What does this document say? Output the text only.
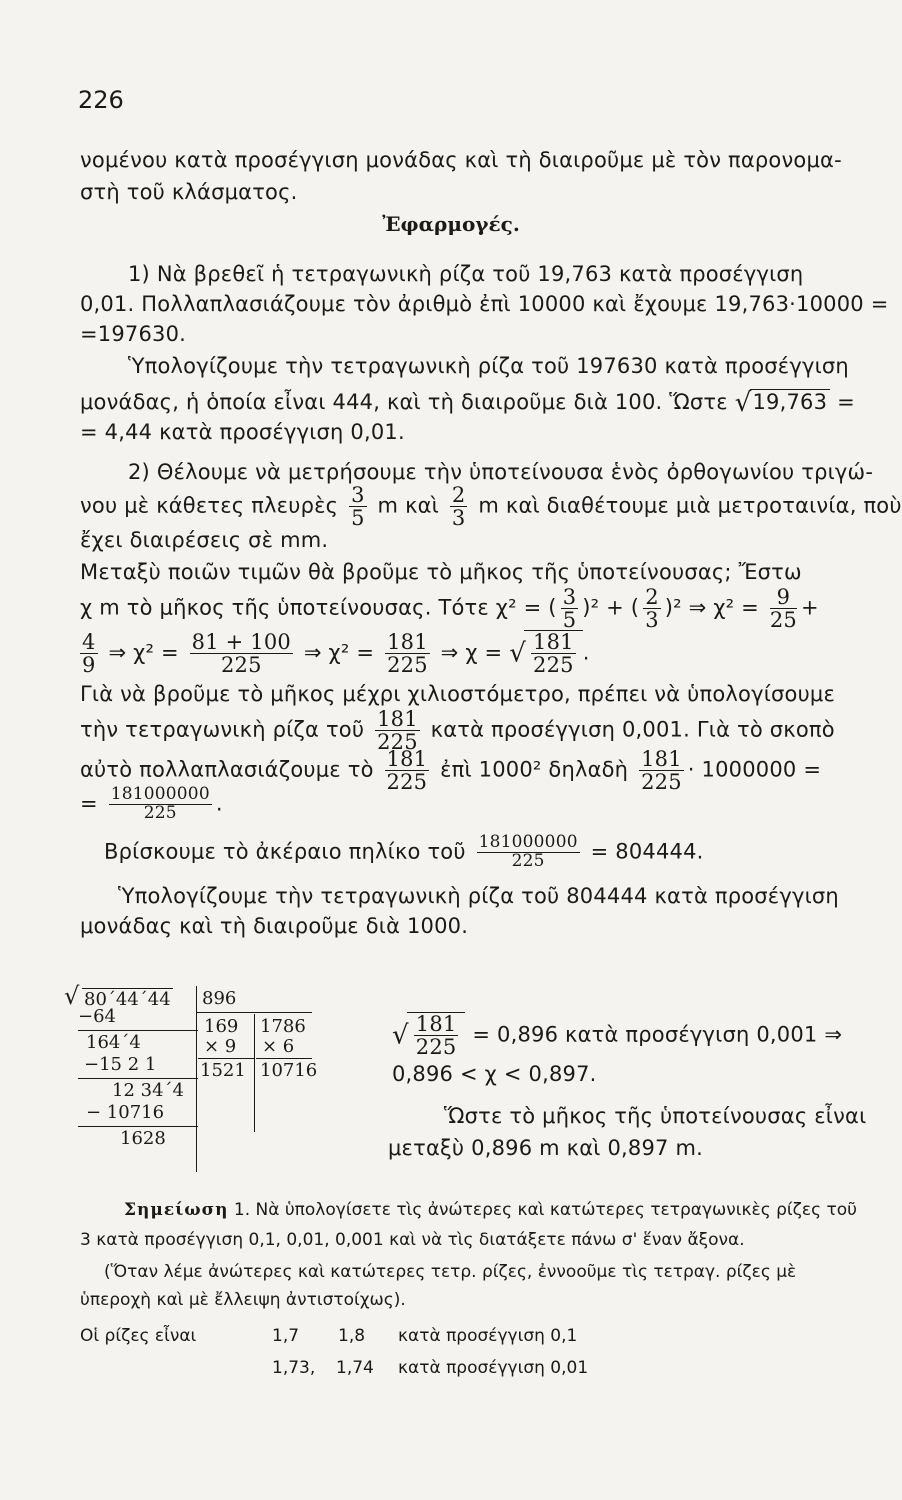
226
νομένου κατὰ προσέγγιση μονάδας καὶ τὴ διαιροῦμε μὲ τὸν παρονομα-
στὴ τοῦ κλάσματος.
Ἐφαρμογές.
1) Νὰ βρεθεῖ ἡ τετραγωνικὴ ρίζα τοῦ 19,763 κατὰ προσέγγιση
0,01. Πολλαπλασιάζουμε τὸν ἀριθμὸ ἐπὶ 10000 καὶ ἔχουμε 19,763·10000 =
=197630.
Ὑπολογίζουμε τὴν τετραγωνικὴ ρίζα τοῦ 197630 κατὰ προσέγγιση
μονάδας, ἡ ὁποία εἶναι 444, καὶ τὴ διαιροῦμε διὰ 100. Ὥστε √19,763 =
= 4,44 κατὰ προσέγγιση 0,01.
2) Θέλουμε νὰ μετρήσουμε τὴν ὑποτείνουσα ἑνὸς ὀρθογωνίου τριγώ-
νου μὲ κάθετες πλευρὲς $\frac{3}{5}$ m καὶ $\frac{2}{3}$ m καὶ διαθέτουμε μιὰ μετροταινία, ποὺ
ἔχει διαιρέσεις σὲ mm.
Μεταξὺ ποιῶν τιμῶν θὰ βροῦμε τὸ μῆκος τῆς ὑποτείνουσας; Ἔστω
χ m τὸ μῆκος τῆς ὑποτείνουσας. Τότε χ² = ( $\frac{3}{5} )^2$ + ( $\frac{2}{3} )^2$ ⇒ $\chi^2 = \frac{9}{25}$ +
$\frac{4}{9}$ ⇒ $\chi^2 = \frac{81 + 100}{225}$ ⇒ $\chi^2 = \frac{181}{225}$ ⇒ χ = √ $\frac{181}{225}$ .
Γιὰ νὰ βροῦμε τὸ μῆκος μέχρι χιλιοστόμετρο, πρέπει νὰ ὑπολογίσουμε
τὴν τετραγωνικὴ ρίζα τοῦ $\frac{181}{225}$ κατὰ προσέγγιση 0,001. Γιὰ τὸ σκοπὸ
αὐτὸ πολλαπλασιάζουμε τὸ $\frac{181}{225}$ ἐπὶ 1000² δηλαδὴ $\frac{181}{225} \cdot 1000000$ =
= $\frac{181000000}{225}$ .
Βρίσκουμε τὸ ἀκέραιο πηλίκο τοῦ $\frac{181000000}{225} = 804444$.
Ὑπολογίζουμε τὴν τετραγωνικὴ ρίζα τοῦ 804444 κατὰ προσέγγιση
μονάδας καὶ τὴ διαιροῦμε διὰ 1000.
√ 80´44´44
−64
164´4
−15 2 1
12 34´4
− 10716
1628
896
169
× 9
1521
1786
× 6
10716
√ $\frac{181}{225} = 0,896$ κατὰ προσέγγιση 0,001 ⇒
0,896 < χ < 0,897.
Ὥστε τὸ μῆκος τῆς ὑποτείνουσας εἶναι
μεταξὺ 0,896 m καὶ 0,897 m.
Σημείωση 1. Νὰ ὑπολογίσετε τὶς ἀνώτερες καὶ κατώτερες τετραγωνικὲς ρίζες τοῦ
3 κατὰ προσέγγιση 0,1, 0,01, 0,001 καὶ νὰ τὶς διατάξετε πάνω σ' ἕναν ἄξονα.
(Ὅταν λέμε ἀνώτερες καὶ κατώτερες τετρ. ρίζες, ἐννοοῦμε τὶς τετραγ. ρίζες μὲ
ὑπεροχὴ καὶ μὲ ἔλλειψη ἀντιστοίχως).
Οἱ ρίζες εἶναι	1,7 1,8 κατὰ προσέγγιση 0,1
1,73, 1,74 κατὰ προσέγγιση 0,01
